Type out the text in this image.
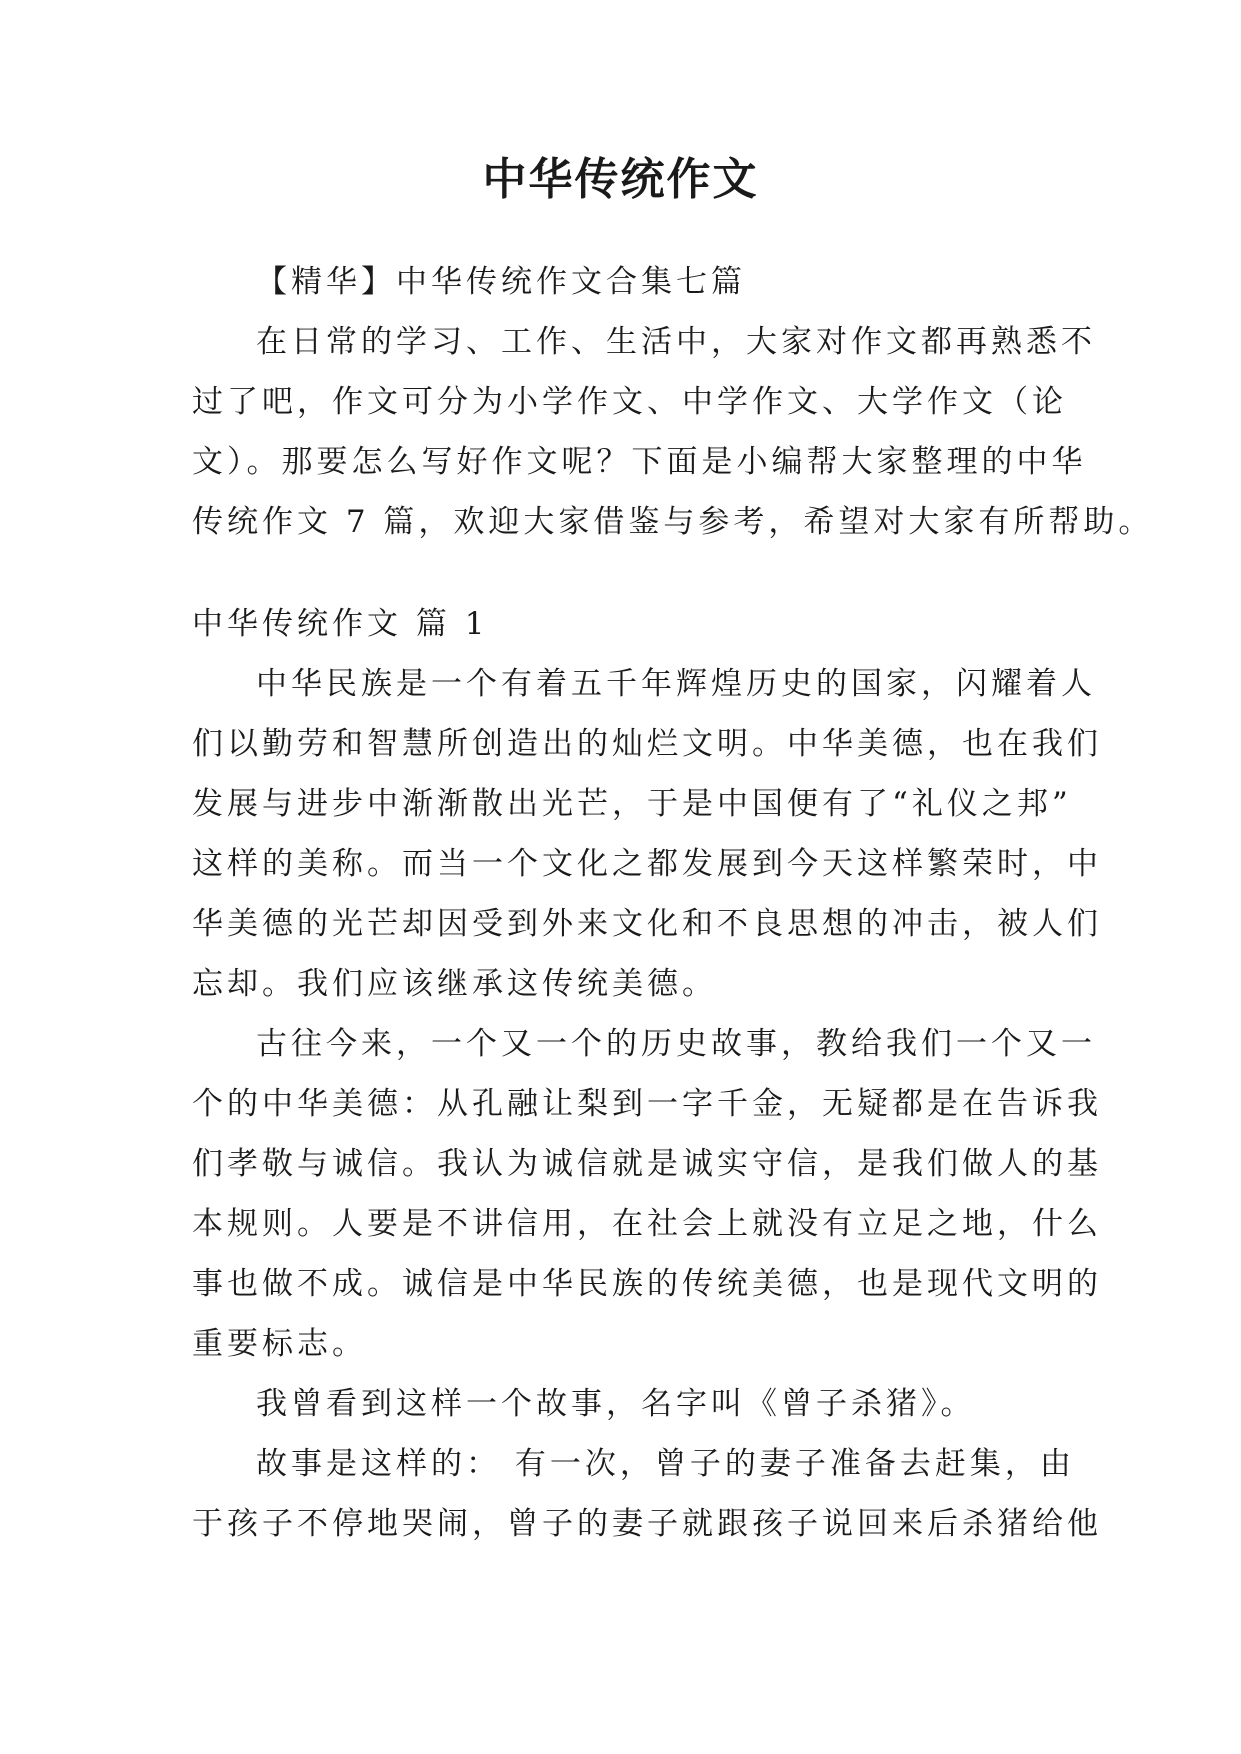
中华传统作文

【精华】中华传统作文合集七篇

在日常的学习、工作、生活中，大家对作文都再熟悉不

过了吧，作文可分为小学作文、中学作文、大学作文（论

文）。那要怎么写好作文呢？下面是小编帮大家整理的中华

传统作文 7 篇，欢迎大家借鉴与参考，希望对大家有所帮助。

中华传统作文 篇 1

中华民族是一个有着五千年辉煌历史的国家，闪耀着人

们以勤劳和智慧所创造出的灿烂文明。中华美德，也在我们

发展与进步中渐渐散出光芒，于是中国便有了“礼仪之邦”

这样的美称。而当一个文化之都发展到今天这样繁荣时，中

华美德的光芒却因受到外来文化和不良思想的冲击，被人们

忘却。我们应该继承这传统美德。

古往今来，一个又一个的历史故事，教给我们一个又一

个的中华美德：从孔融让梨到一字千金，无疑都是在告诉我

们孝敬与诚信。我认为诚信就是诚实守信，是我们做人的基

本规则。人要是不讲信用，在社会上就没有立足之地，什么

事也做不成。诚信是中华民族的传统美德，也是现代文明的

重要标志。

我曾看到这样一个故事，名字叫《曾子杀猪》。

故事是这样的： 有一次，曾子的妻子准备去赶集，由

于孩子不停地哭闹，曾子的妻子就跟孩子说回来后杀猪给他
